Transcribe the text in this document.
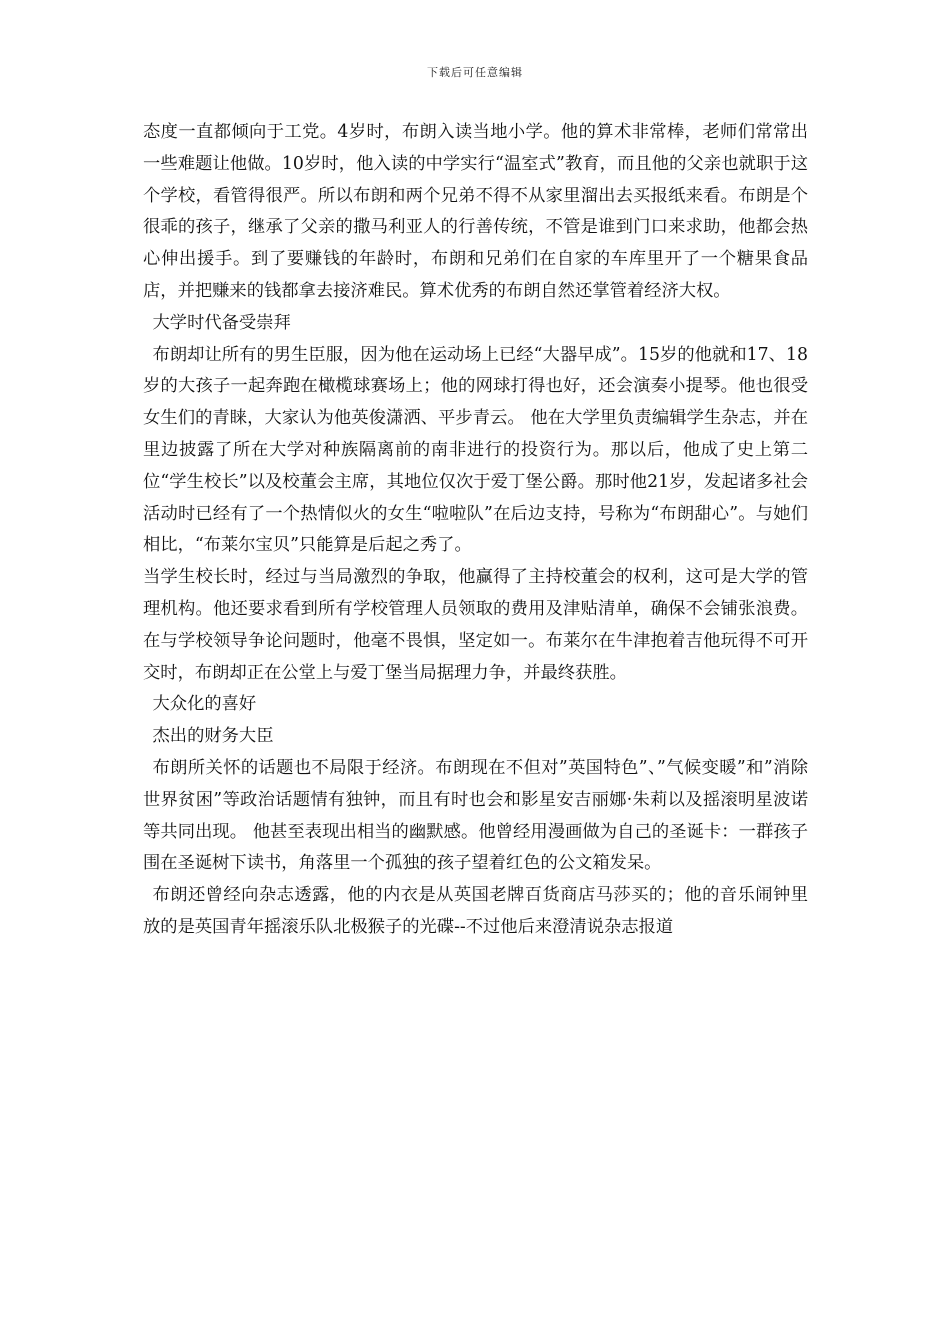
下载后可任意编辑

态度一直都倾向于工党。4岁时，布朗入读当地小学。他的算术非常棒，老师们常常出一些难题让他做。10岁时，他入读的中学实行“温室式”教育，而且他的父亲也就职于这个学校，看管得很严。所以布朗和两个兄弟不得不从家里溜出去买报纸来看。布朗是个很乖的孩子，继承了父亲的撒马利亚人的行善传统，不管是谁到门口来求助，他都会热心伸出援手。到了要赚钱的年龄时，布朗和兄弟们在自家的车库里开了一个糖果食品店，并把赚来的钱都拿去接济难民。算术优秀的布朗自然还掌管着经济大权。

大学时代备受崇拜

布朗却让所有的男生臣服，因为他在运动场上已经“大器早成”。15岁的他就和17、18岁的大孩子一起奔跑在橄榄球赛场上；他的网球打得也好，还会演奏小提琴。他也很受女生们的青睐，大家认为他英俊潇洒、平步青云。 他在大学里负责编辑学生杂志，并在里边披露了所在大学对种族隔离前的南非进行的投资行为。那以后，他成了史上第二位“学生校长”以及校董会主席，其地位仅次于爱丁堡公爵。那时他21岁，发起诸多社会活动时已经有了一个热情似火的女生“啦啦队”在后边支持，号称为“布朗甜心”。与她们相比，“布莱尔宝贝”只能算是后起之秀了。

当学生校长时，经过与当局激烈的争取，他赢得了主持校董会的权利，这可是大学的管理机构。他还要求看到所有学校管理人员领取的费用及津贴清单，确保不会铺张浪费。在与学校领导争论问题时，他毫不畏惧，坚定如一。布莱尔在牛津抱着吉他玩得不可开交时，布朗却正在公堂上与爱丁堡当局据理力争，并最终获胜。

大众化的喜好

杰出的财务大臣

布朗所关怀的话题也不局限于经济。布朗现在不但对”英国特色”、”气候变暖”和”消除世界贫困”等政治话题情有独钟，而且有时也会和影星安吉丽娜·朱莉以及摇滚明星波诺等共同出现。 他甚至表现出相当的幽默感。他曾经用漫画做为自己的圣诞卡：一群孩子围在圣诞树下读书，角落里一个孤独的孩子望着红色的公文箱发呆。

布朗还曾经向杂志透露，他的内衣是从英国老牌百货商店马莎买的；他的音乐闹钟里放的是英国青年摇滚乐队北极猴子的光碟--不过他后来澄清说杂志报道
